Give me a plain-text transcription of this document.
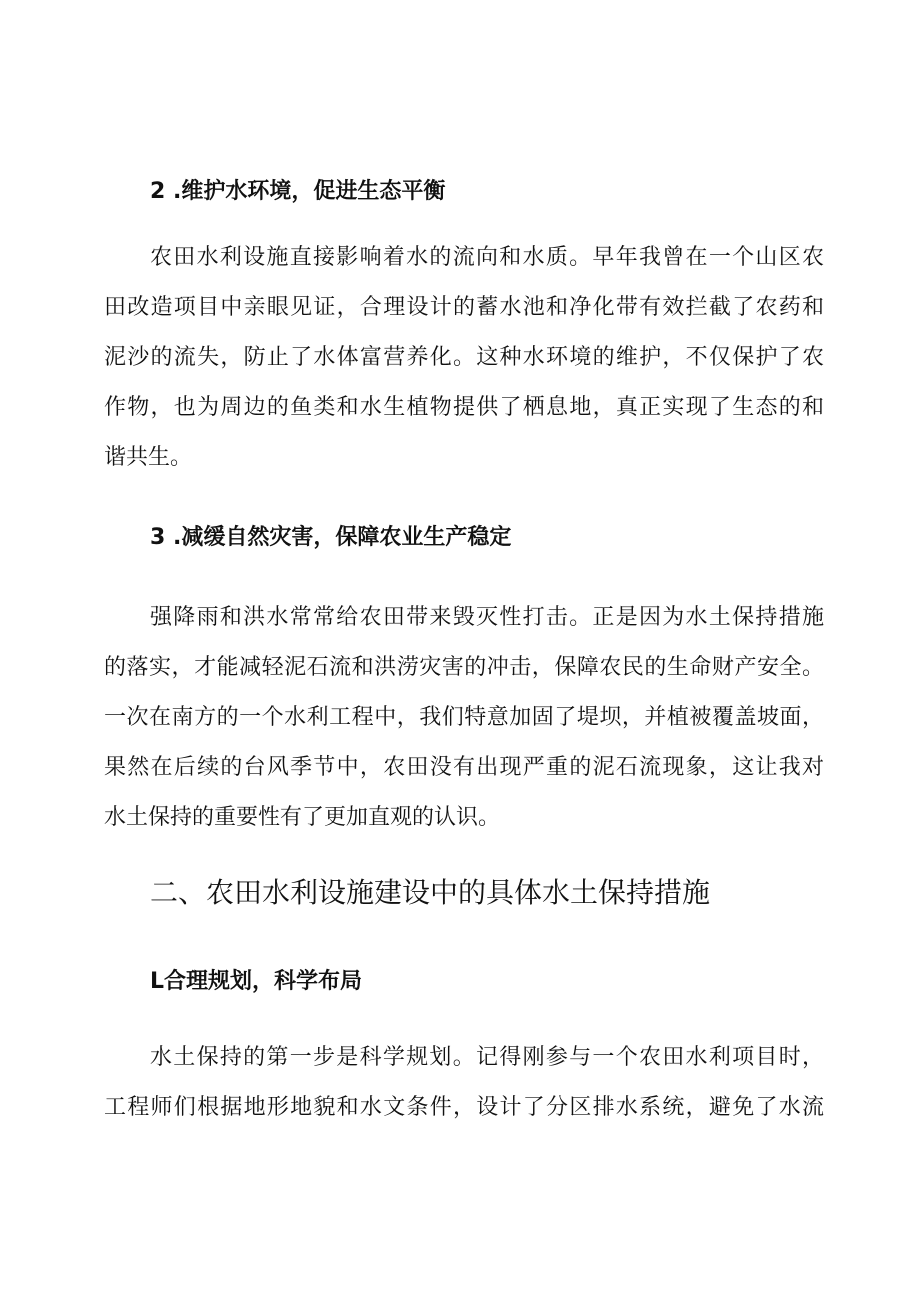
2 .维护水环境，促进生态平衡
农田水利设施直接影响着水的流向和水质。早年我曾在一个山区农
田改造项目中亲眼见证，合理设计的蓄水池和净化带有效拦截了农药和
泥沙的流失，防止了水体富营养化。这种水环境的维护，不仅保护了农
作物，也为周边的鱼类和水生植物提供了栖息地，真正实现了生态的和
谐共生。
3 .减缓自然灾害，保障农业生产稳定
强降雨和洪水常常给农田带来毁灭性打击。正是因为水土保持措施
的落实，才能减轻泥石流和洪涝灾害的冲击，保障农民的生命财产安全。
一次在南方的一个水利工程中，我们特意加固了堤坝，并植被覆盖坡面，
果然在后续的台风季节中，农田没有出现严重的泥石流现象，这让我对
水土保持的重要性有了更加直观的认识。
二、农田水利设施建设中的具体水土保持措施
L合理规划，科学布局
水土保持的第一步是科学规划。记得刚参与一个农田水利项目时，
工程师们根据地形地貌和水文条件，设计了分区排水系统，避免了水流
